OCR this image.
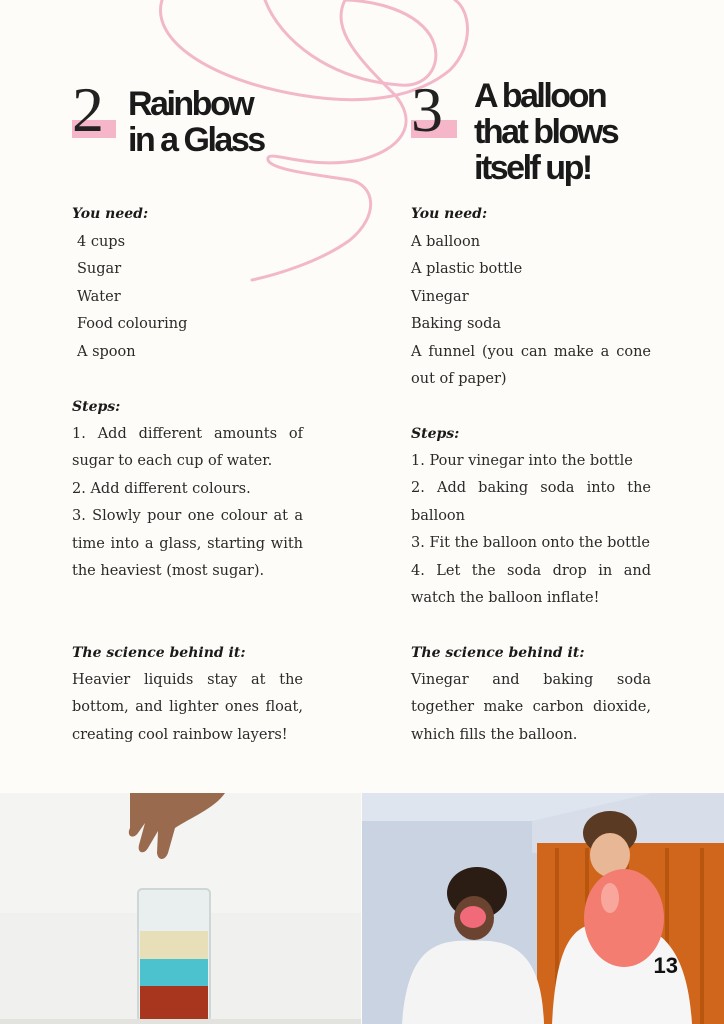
2 Rainbow
in a Glass

You need:

4 cups
Sugar
Water
Food colouring
A spoon

Steps:

1. Add different amounts of sugar to each cup of water.
2. Add different colours.
3. Slowly pour one colour at a time into a glass, starting with the heaviest (most sugar).

The science behind it:

Heavier liquids stay at the bottom, and lighter ones float, creating cool rainbow layers!

3 A balloon
that blows
itself up!

You need:

A balloon
A plastic bottle
Vinegar
Baking soda
A funnel (you can make a cone out of paper)

Steps:

1. Pour vinegar into the bottle
2. Add baking soda into the balloon
3. Fit the balloon onto the bottle
4. Let the soda drop in and watch the balloon inflate!

The science behind it:

Vinegar and baking soda together make carbon dioxide, which fills the balloon.

13
